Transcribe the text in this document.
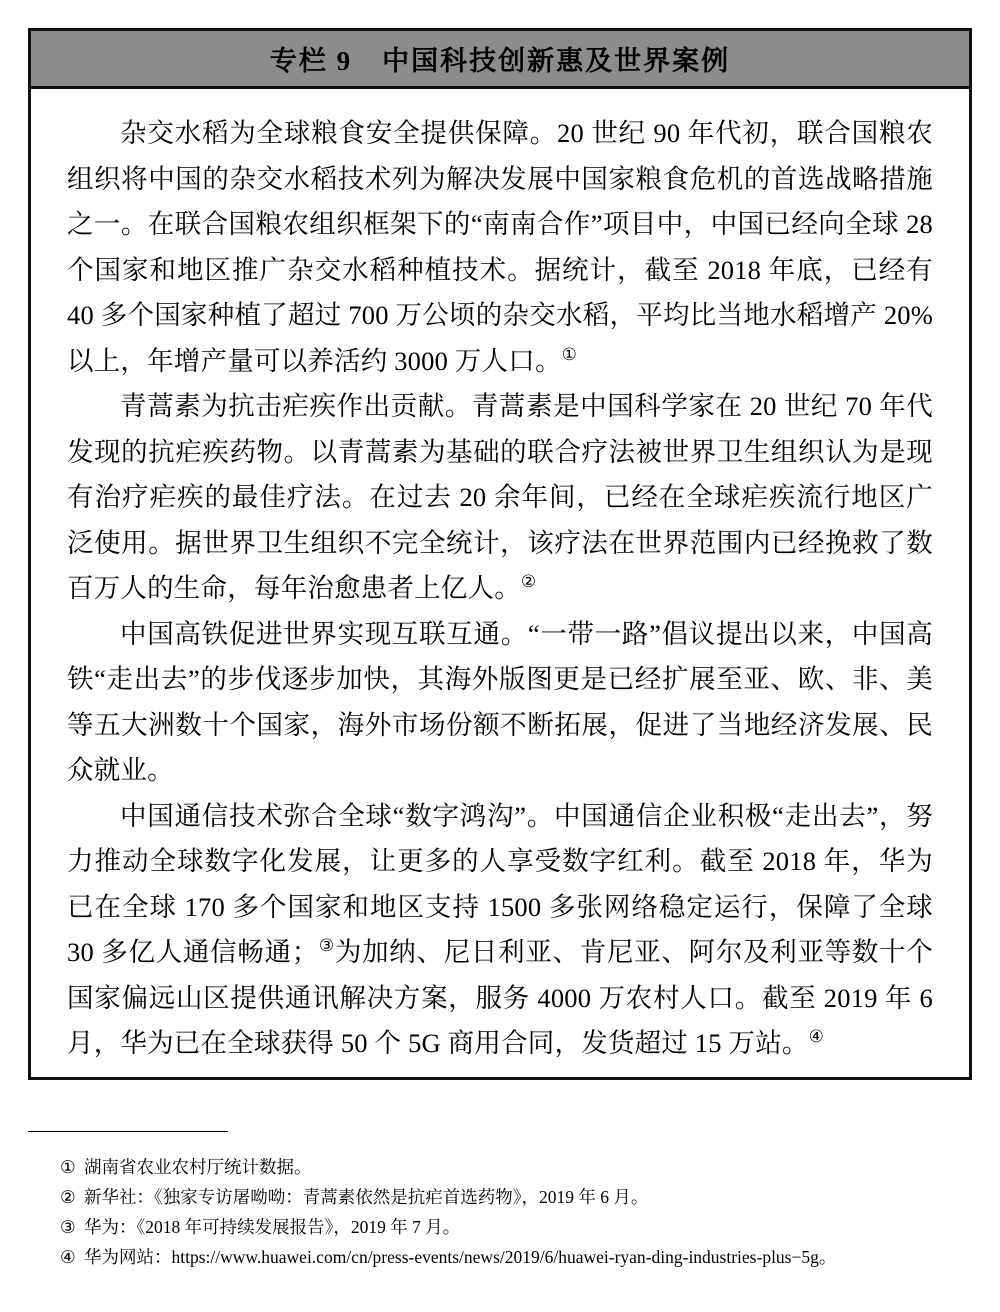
专栏 9 中国科技创新惠及世界案例

杂交水稻为全球粮食安全提供保障。20 世纪 90 年代初，联合国粮农组织将中国的杂交水稻技术列为解决发展中国家粮食危机的首选战略措施之一。在联合国粮农组织框架下的“南南合作”项目中，中国已经向全球 28 个国家和地区推广杂交水稻种植技术。据统计，截至 2018 年底，已经有 40 多个国家种植了超过 700 万公顷的杂交水稻，平均比当地水稻增产 20% 以上，年增产量可以养活约 3000 万人口。①

青蒿素为抗击疟疾作出贡献。青蒿素是中国科学家在 20 世纪 70 年代发现的抗疟疾药物。以青蒿素为基础的联合疗法被世界卫生组织认为是现有治疗疟疾的最佳疗法。在过去 20 余年间，已经在全球疟疾流行地区广泛使用。据世界卫生组织不完全统计，该疗法在世界范围内已经挽救了数百万人的生命，每年治愈患者上亿人。②

中国高铁促进世界实现互联互通。“一带一路”倡议提出以来，中国高铁“走出去”的步伐逐步加快，其海外版图更是已经扩展至亚、欧、非、美等五大洲数十个国家，海外市场份额不断拓展，促进了当地经济发展、民众就业。

中国通信技术弥合全球“数字鸿沟”。中国通信企业积极“走出去”，努力推动全球数字化发展，让更多的人享受数字红利。截至 2018 年，华为已在全球 170 多个国家和地区支持 1500 多张网络稳定运行，保障了全球 30 多亿人通信畅通；③为加纳、尼日利亚、肯尼亚、阿尔及利亚等数十个国家偏远山区提供通讯解决方案，服务 4000 万农村人口。截至 2019 年 6 月，华为已在全球获得 50 个 5G 商用合同，发货超过 15 万站。④

① 湖南省农业农村厅统计数据。
② 新华社：《独家专访屠呦呦：青蒿素依然是抗疟首选药物》，2019 年 6 月。
③ 华为：《2018 年可持续发展报告》，2019 年 7 月。
④ 华为网站：https://www.huawei.com/cn/press-events/news/2019/6/huawei-ryan-ding-industries-plus−5g。
